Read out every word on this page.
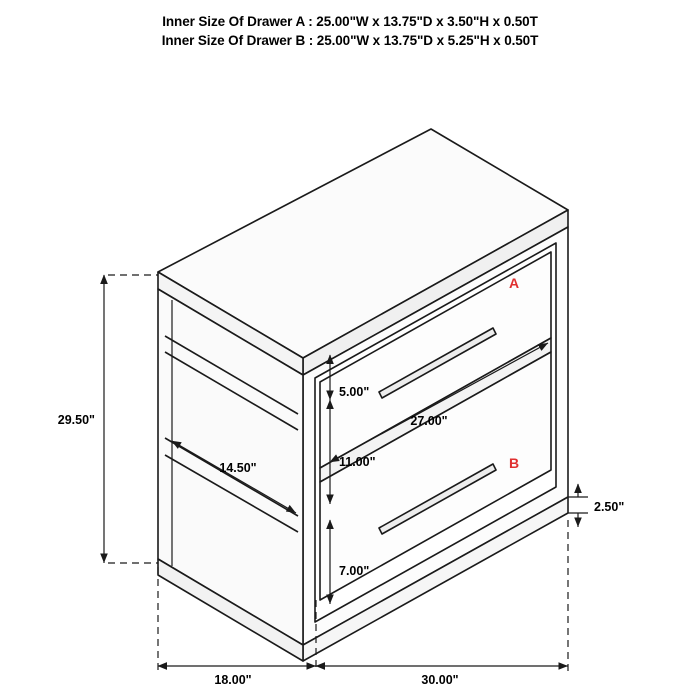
Inner Size Of Drawer A : 25.00"W x 13.75"D x 3.50"H x 0.50T
Inner Size Of Drawer B : 25.00"W x 13.75"D x 5.25"H x 0.50T
29.50"
18.00"	30.00"
2.50"
14.50"
27.00"
5.00"
11.00"
7.00"
A
B
